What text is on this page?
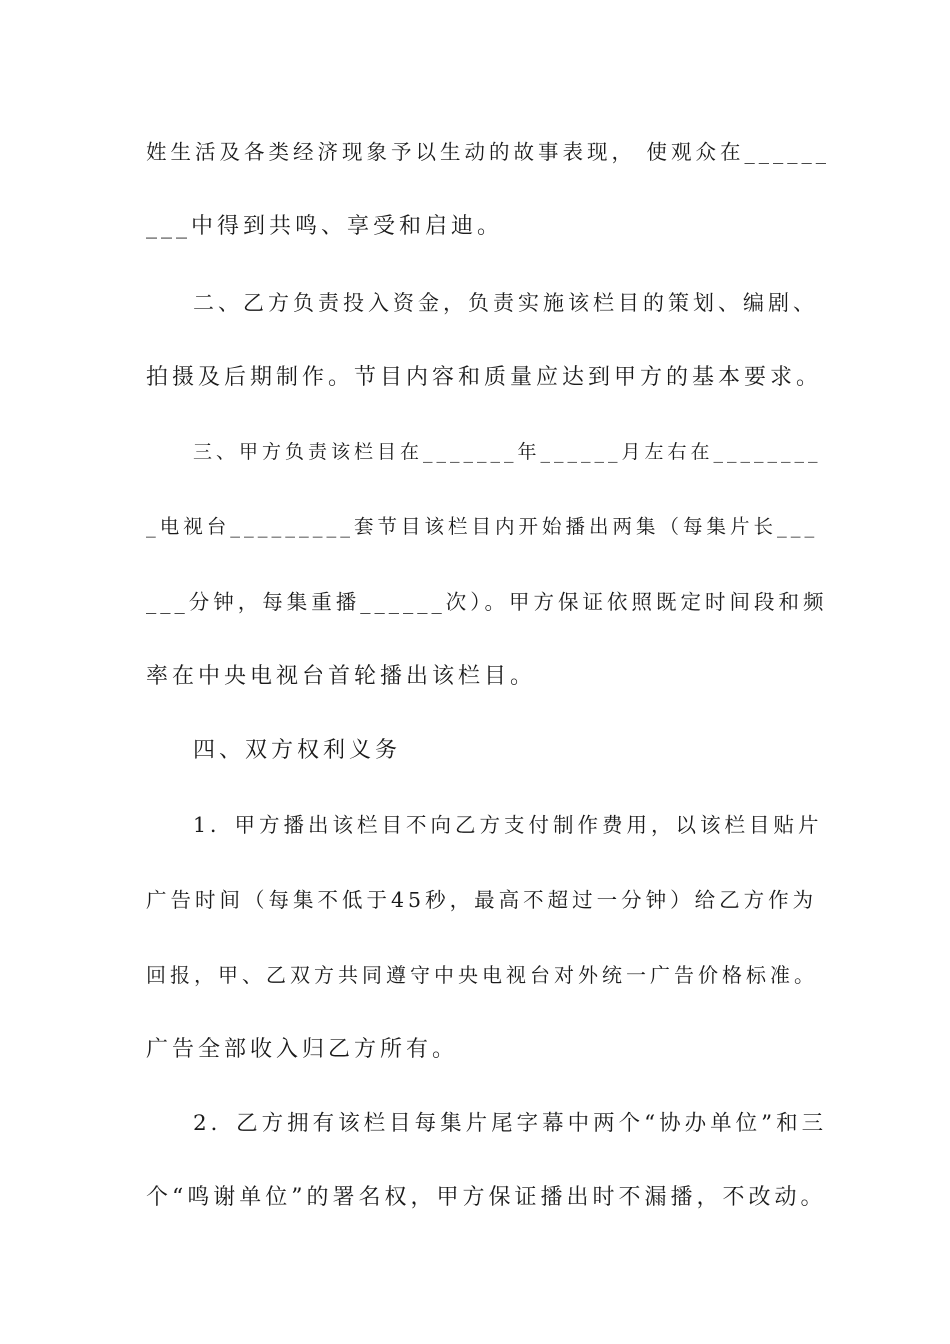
姓生活及各类经济现象予以生动的故事表现， 使观众在______
___中得到共鸣、享受和启迪。
二、乙方负责投入资金，负责实施该栏目的策划、编剧、
拍摄及后期制作。节目内容和质量应达到甲方的基本要求。
三、甲方负责该栏目在_______年______月左右在________
_电视台_________套节目该栏目内开始播出两集（每集片长___
___分钟，每集重播______次）。甲方保证依照既定时间段和频
率在中央电视台首轮播出该栏目。
四、双方权利义务
1．甲方播出该栏目不向乙方支付制作费用，以该栏目贴片
广告时间（每集不低于45秒，最高不超过一分钟）给乙方作为
回报，甲、乙双方共同遵守中央电视台对外统一广告价格标准。
广告全部收入归乙方所有。
2．乙方拥有该栏目每集片尾字幕中两个“协办单位”和三
个“鸣谢单位”的署名权，甲方保证播出时不漏播，不改动。
